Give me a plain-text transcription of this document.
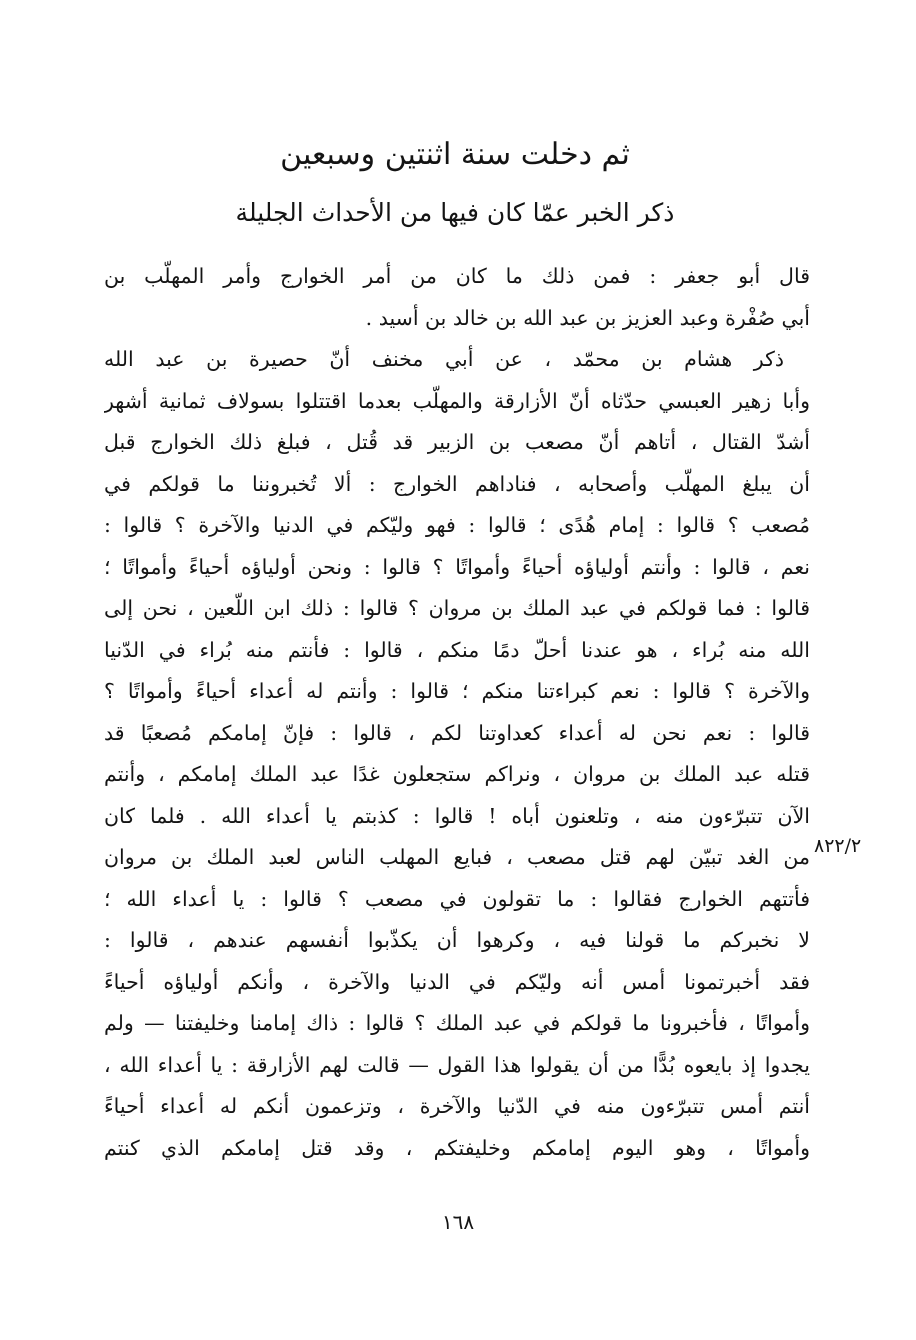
ثم دخلت سنة اثنتين وسبعين
ذكر الخبر عمّا كان فيها من الأحداث الجليلة
قال أبو جعفر : فمن ذلك ما كان من أمر الخوارج وأمر المهلّب بن
أبي صُفْرة وعبد العزيز بن عبد الله بن خالد بن أسيد .
ذكر هشام بن محمّد ، عن أبي مخنف أنّ حصيرة بن عبد الله
وأبا زهير العبسي حدّثاه أنّ الأزارقة والمهلّب بعدما اقتتلوا بسولاف ثمانية أشهر
أشدّ القتال ، أتاهم أنّ مصعب بن الزبير قد قُتل ، فبلغ ذلك الخوارج قبل
أن يبلغ المهلّب وأصحابه ، فناداهم الخوارج : ألا تُخبروننا ما قولكم في
مُصعب ؟ قالوا : إمام هُدًى ؛ قالوا : فهو وليّكم في الدنيا والآخرة ؟ قالوا :
نعم ، قالوا : وأنتم أولياؤه أحياءً وأمواتًا ؟ قالوا : ونحن أولياؤه أحياءً وأمواتًا ؛
قالوا : فما قولكم في عبد الملك بن مروان ؟ قالوا : ذلك ابن اللّعين ، نحن إلى
الله منه بُراء ، هو عندنا أحلّ دمًا منكم ، قالوا : فأنتم منه بُراء في الدّنيا
والآخرة ؟ قالوا : نعم كبراءتنا منكم ؛ قالوا : وأنتم له أعداء أحياءً وأمواتًا ؟
قالوا : نعم نحن له أعداء كعداوتنا لكم ، قالوا : فإنّ إمامكم مُصعبًا قد
قتله عبد الملك بن مروان ، ونراكم ستجعلون غدًا عبد الملك إمامكم ، وأنتم
الآن تتبرّءون منه ، وتلعنون أباه ! قالوا : كذبتم يا أعداء الله . فلما كان
من الغد تبيّن لهم قتل مصعب ، فبايع المهلب الناس لعبد الملك بن مروان
فأتتهم الخوارج فقالوا : ما تقولون في مصعب ؟ قالوا : يا أعداء الله ؛
لا نخبركم ما قولنا فيه ، وكرهوا أن يكذّبوا أنفسهم عندهم ، قالوا :
فقد أخبرتمونا أمس أنه وليّكم في الدنيا والآخرة ، وأنكم أولياؤه أحياءً
وأمواتًا ، فأخبرونا ما قولكم في عبد الملك ؟ قالوا : ذاك إمامنا وخليفتنا — ولم
يجدوا إذ بايعوه بُدًّا من أن يقولوا هذا القول — قالت لهم الأزارقة : يا أعداء الله ،
أنتم أمس تتبرّءون منه في الدّنيا والآخرة ، وتزعمون أنكم له أعداء أحياءً
وأمواتًا ، وهو اليوم إمامكم وخليفتكم ، وقد قتل إمامكم الذي كنتم
٨٢٢/٢
١٦٨
